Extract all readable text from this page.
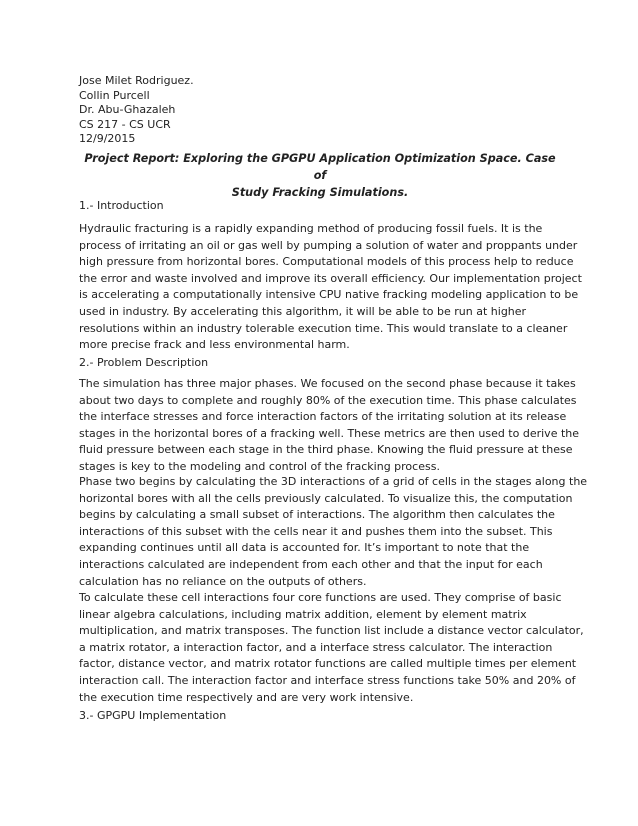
Jose Milet Rodriguez.
Collin Purcell
Dr. Abu-Ghazaleh
CS 217 - CS UCR
12/9/2015
Project Report: Exploring the GPGPU Application Optimization Space. Case of
Study Fracking Simulations.
1.- Introduction
Hydraulic fracturing is a rapidly expanding method of producing fossil fuels. It is the
process of irritating an oil or gas well by pumping a solution of water and proppants under
high pressure from horizontal bores. Computational models of this process help to reduce
the error and waste involved and improve its overall efficiency. Our implementation project
is accelerating a computationally intensive CPU native fracking modeling application to be
used in industry. By accelerating this algorithm, it will be able to be run at higher
resolutions within an industry tolerable execution time. This would translate to a cleaner
more precise frack and less environmental harm.
2.- Problem Description
The simulation has three major phases. We focused on the second phase because it takes
about two days to complete and roughly 80% of the execution time. This phase calculates
the interface stresses and force interaction factors of the irritating solution at its release
stages in the horizontal bores of a fracking well. These metrics are then used to derive the
fluid pressure between each stage in the third phase. Knowing the fluid pressure at these
stages is key to the modeling and control of the fracking process.
Phase two begins by calculating the 3D interactions of a grid of cells in the stages along the
horizontal bores with all the cells previously calculated. To visualize this, the computation
begins by calculating a small subset of interactions. The algorithm then calculates the
interactions of this subset with the cells near it and pushes them into the subset. This
expanding continues until all data is accounted for. It’s important to note that the
interactions calculated are independent from each other and that the input for each
calculation has no reliance on the outputs of others.
To calculate these cell interactions four core functions are used. They comprise of basic
linear algebra calculations, including matrix addition, element by element matrix
multiplication, and matrix transposes. The function list include a distance vector calculator,
a matrix rotator, a interaction factor, and a interface stress calculator. The interaction
factor, distance vector, and matrix rotator functions are called multiple times per element
interaction call. The interaction factor and interface stress functions take 50% and 20% of
the execution time respectively and are very work intensive.
3.- GPGPU Implementation
